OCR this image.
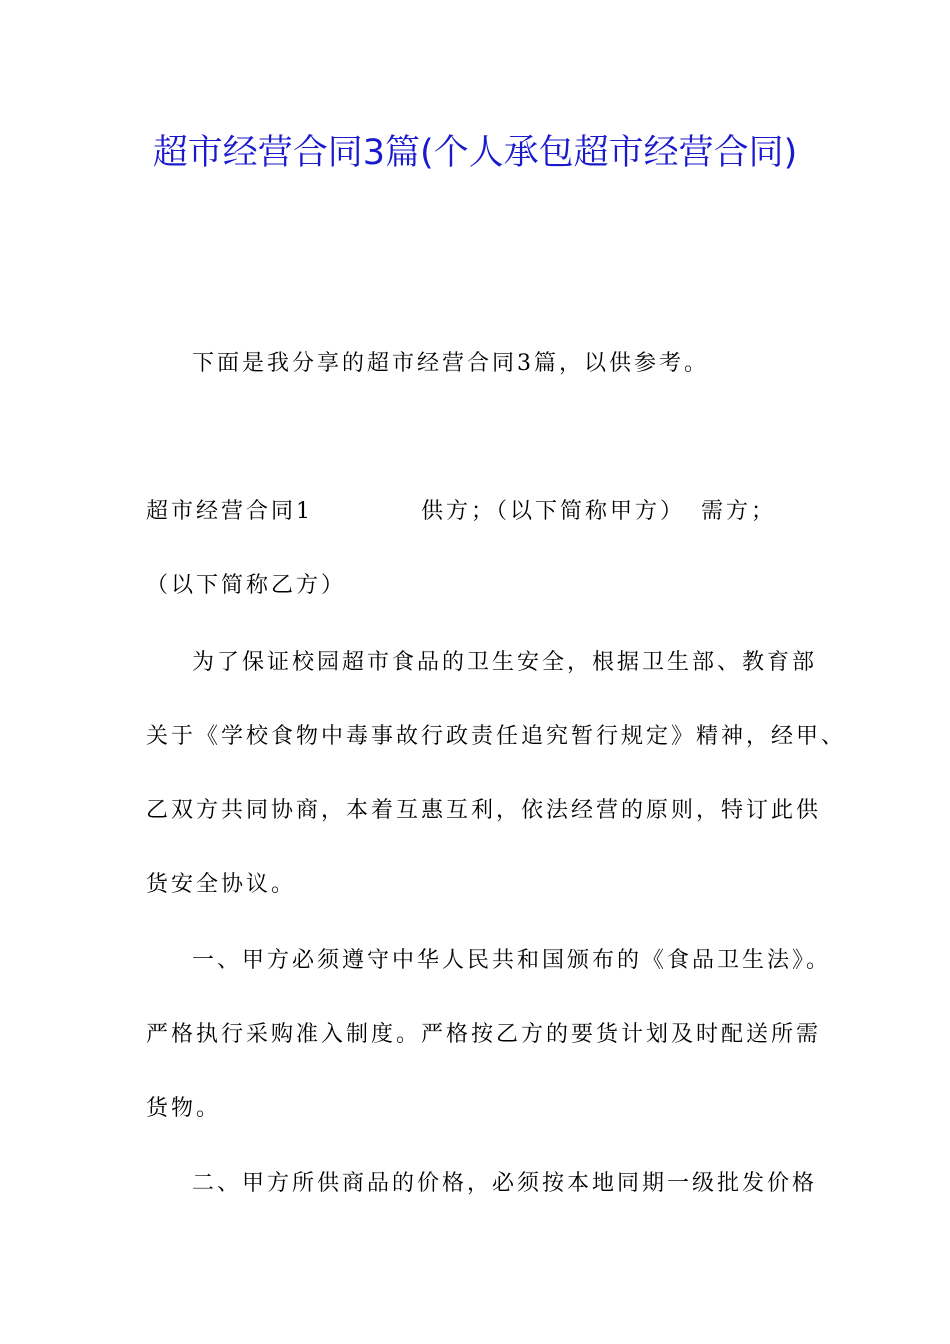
超市经营合同3篇(个人承包超市经营合同)

下面是我分享的超市经营合同3篇，以供参考。

超市经营合同1	供方；（以下简称甲方） 需方；

（以下简称乙方）

为了保证校园超市食品的卫生安全，根据卫生部、教育部

关于《学校食物中毒事故行政责任追究暂行规定》精神，经甲、

乙双方共同协商，本着互惠互利，依法经营的原则，特订此供

货安全协议。

一、甲方必须遵守中华人民共和国颁布的《食品卫生法》。

严格执行采购准入制度。严格按乙方的要货计划及时配送所需

货物。

二、甲方所供商品的价格，必须按本地同期一级批发价格
